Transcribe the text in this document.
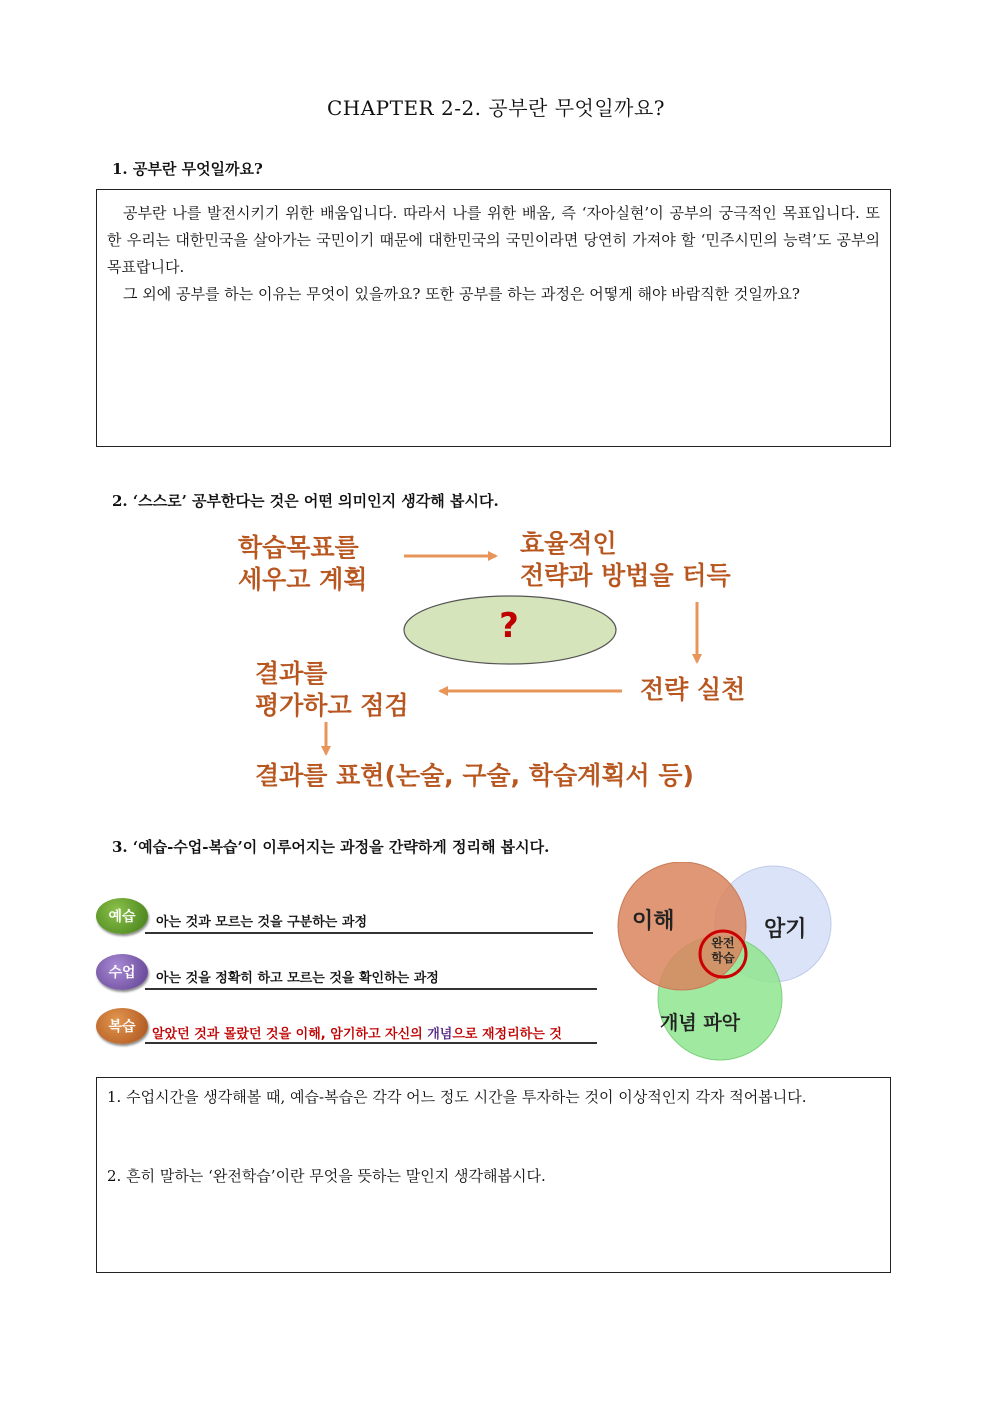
CHAPTER 2-2. 공부란 무엇일까요?
1. 공부란 무엇일까요?

공부란 나를 발전시키기 위한 배움입니다. 따라서 나를 위한 배움, 즉 ‘자아실현’이 공부의 궁극적인 목표입니다. 또한 우리는 대한민국을 살아가는 국민이기 때문에 대한민국의 국민이라면 당연히 가져야 할 ‘민주시민의 능력’도 공부의 목표랍니다.

그 외에 공부를 하는 이유는 무엇이 있을까요? 또한 공부를 하는 과정은 어떻게 해야 바람직한 것일까요?

2. ‘스스로’ 공부한다는 것은 어떤 의미인지 생각해 봅시다.
?
학습목표를
세우고 계획
효율적인
전략과 방법을 터득
전략 실천
결과를
평가하고 점검
결과를 표현(논술, 구술, 학습계획서 등)
3. ‘예습-수업-복습’이 이루어지는 과정을 간략하게 정리해 봅시다.
예습	아는 것과 모르는 것을 구분하는 과정
수업	아는 것을 정확히 하고 모르는 것을 확인하는 과정
복습	알았던 것과 몰랐던 것을 이해, 암기하고 자신의 개념으로 재정리하는 것
이해	암기
개념 파악
완전
학습

1. 수업시간을 생각해볼 때, 예습-복습은 각각 어느 정도 시간을 투자하는 것이 이상적인지 각자 적어봅니다.

2. 흔히 말하는 ‘완전학습’이란 무엇을 뜻하는 말인지 생각해봅시다.
